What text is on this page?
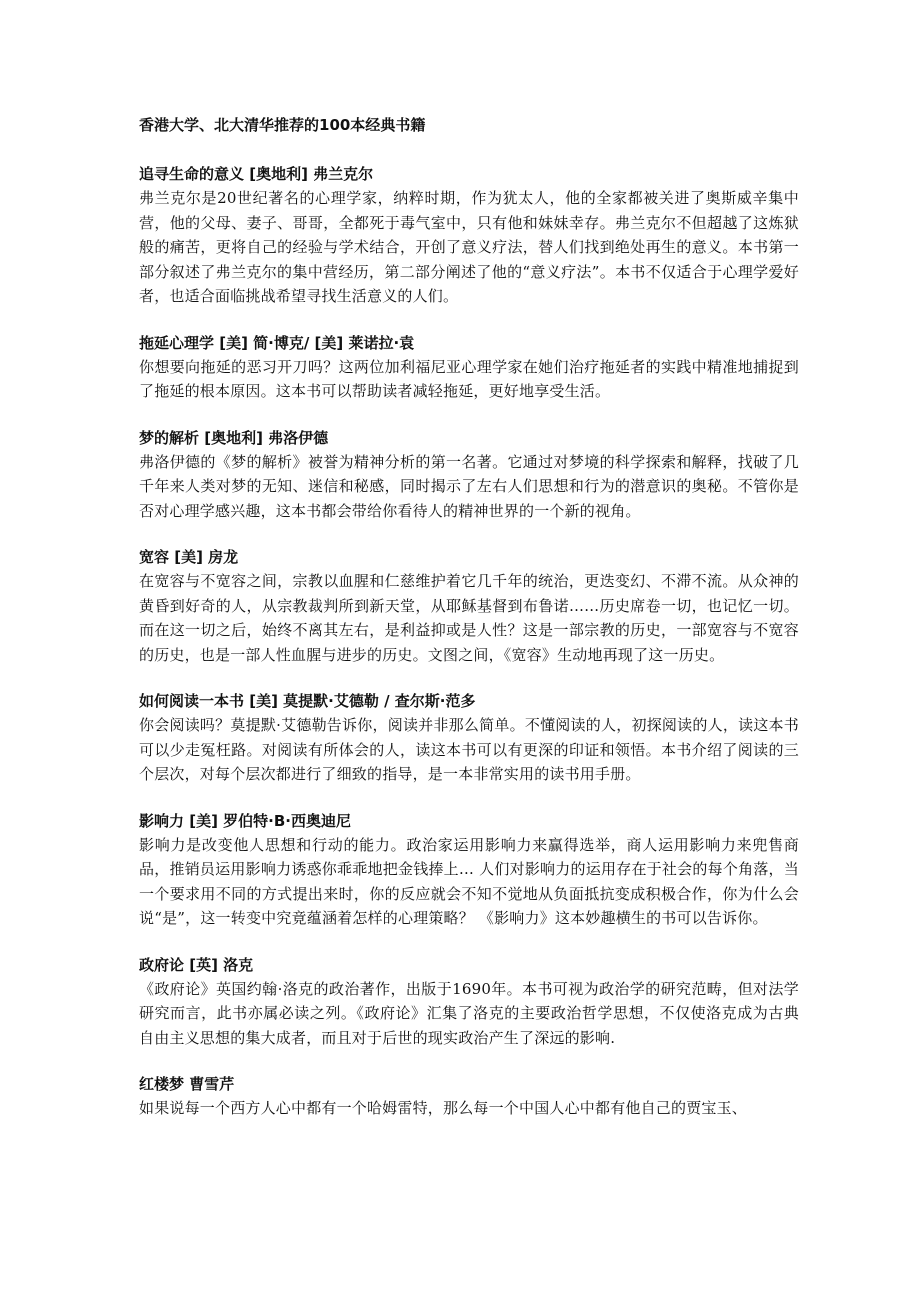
香港大学、北大清华推荐的100本经典书籍
追寻生命的意义 [奥地利] 弗兰克尔
弗兰克尔是20世纪著名的心理学家，纳粹时期，作为犹太人，他的全家都被关进了奥斯威辛集中营，他的父母、妻子、哥哥，全都死于毒气室中，只有他和妹妹幸存。弗兰克尔不但超越了这炼狱般的痛苦，更将自己的经验与学术结合，开创了意义疗法，替人们找到绝处再生的意义。本书第一部分叙述了弗兰克尔的集中营经历，第二部分阐述了他的“意义疗法”。本书不仅适合于心理学爱好者，也适合面临挑战希望寻找生活意义的人们。
拖延心理学 [美] 简·博克/ [美] 莱诺拉·袁
你想要向拖延的恶习开刀吗？这两位加利福尼亚心理学家在她们治疗拖延者的实践中精准地捕捉到了拖延的根本原因。这本书可以帮助读者减轻拖延，更好地享受生活。
梦的解析 [奥地利] 弗洛伊德
弗洛伊德的《梦的解析》被誉为精神分析的第一名著。它通过对梦境的科学探索和解释，找破了几千年来人类对梦的无知、迷信和秘感，同时揭示了左右人们思想和行为的潜意识的奥秘。不管你是否对心理学感兴趣，这本书都会带给你看待人的精神世界的一个新的视角。
宽容 [美] 房龙
在宽容与不宽容之间，宗教以血腥和仁慈维护着它几千年的统治，更迭变幻、不滞不流。从众神的黄昏到好奇的人，从宗教裁判所到新天堂，从耶稣基督到布鲁诺……历史席卷一切，也记忆一切。而在这一切之后，始终不离其左右，是利益抑或是人性？这是一部宗教的历史，一部宽容与不宽容的历史，也是一部人性血腥与进步的历史。文图之间，《宽容》生动地再现了这一历史。
如何阅读一本书 [美] 莫提默·艾德勒 / 查尔斯·范多
你会阅读吗？莫提默·艾德勒告诉你，阅读并非那么简单。不懂阅读的人，初探阅读的人，读这本书可以少走冤枉路。对阅读有所体会的人，读这本书可以有更深的印证和领悟。本书介绍了阅读的三个层次，对每个层次都进行了细致的指导，是一本非常实用的读书用手册。
影响力 [美] 罗伯特·B·西奥迪尼
影响力是改变他人思想和行动的能力。政治家运用影响力来赢得选举，商人运用影响力来兜售商品，推销员运用影响力诱惑你乖乖地把金钱捧上… 人们对影响力的运用存在于社会的每个角落，当一个要求用不同的方式提出来时，你的反应就会不知不觉地从负面抵抗变成积极合作，你为什么会说“是”，这一转变中究竟蕴涵着怎样的心理策略？ 《影响力》这本妙趣横生的书可以告诉你。
政府论 [英] 洛克
《政府论》英国约翰·洛克的政治著作，出版于1690年。本书可视为政治学的研究范畴，但对法学研究而言，此书亦属必读之列。《政府论》汇集了洛克的主要政治哲学思想，不仅使洛克成为古典自由主义思想的集大成者，而且对于后世的现实政治产生了深远的影响.
红楼梦 曹雪芹
如果说每一个西方人心中都有一个哈姆雷特，那么每一个中国人心中都有他自己的贾宝玉、
